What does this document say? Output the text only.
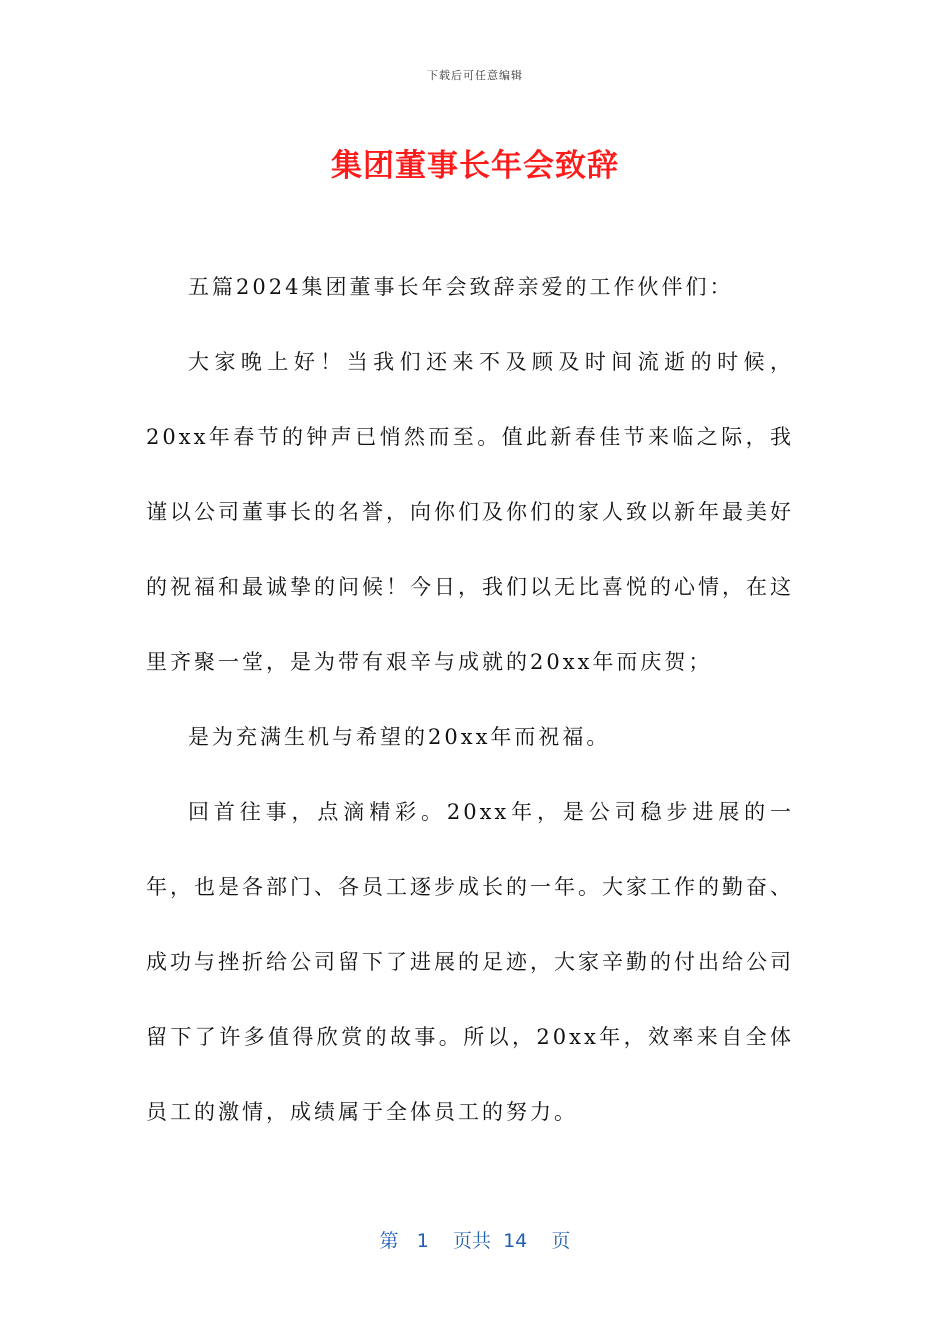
下载后可任意编辑
集团董事长年会致辞

五篇2024集团董事长年会致辞亲爱的工作伙伴们：

大家晚上好！当我们还来不及顾及时间流逝的时候，20xx年春节的钟声已悄然而至。值此新春佳节来临之际，我谨以公司董事长的名誉，向你们及你们的家人致以新年最美好的祝福和最诚挚的问候！今日，我们以无比喜悦的心情，在这里齐聚一堂，是为带有艰辛与成就的20xx年而庆贺；

是为充满生机与希望的20xx年而祝福。

回首往事，点滴精彩。20xx年，是公司稳步进展的一年，也是各部门、各员工逐步成长的一年。大家工作的勤奋、成功与挫折给公司留下了进展的足迹，大家辛勤的付出给公司留下了许多值得欣赏的故事。所以，20xx年，效率来自全体员工的激情，成绩属于全体员工的努力。

第 1 页共 14 页
